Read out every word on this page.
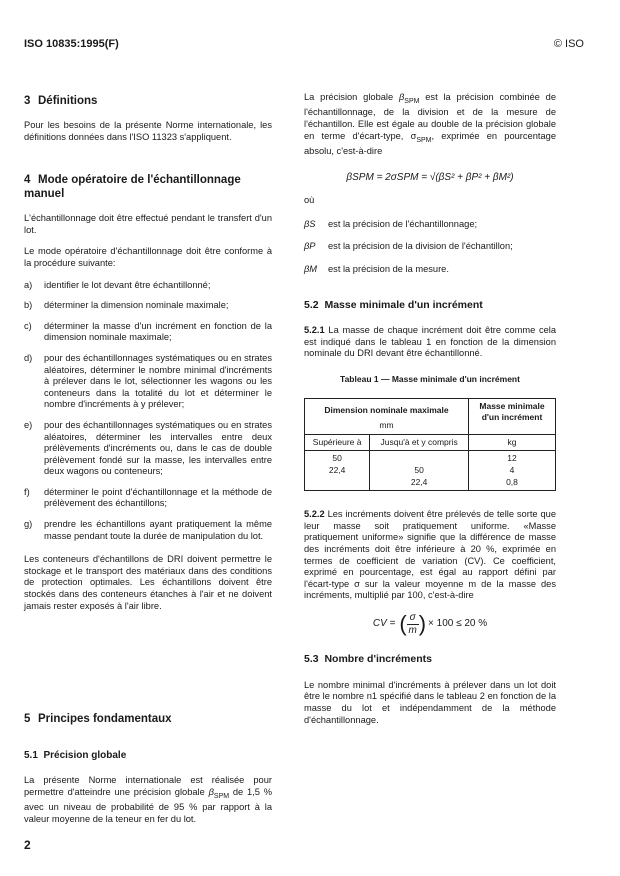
ISO 10835:1995(F)	© ISO
3 Définitions

Pour les besoins de la présente Norme internationale, les définitions données dans l'ISO 11323 s'appliquent.

4 Mode opératoire de l'échantillonnage manuel

L'échantillonnage doit être effectué pendant le transfert d'un lot.

Le mode opératoire d'échantillonnage doit être conforme à la procédure suivante:

a)	identifier le lot devant être échantillonné;
b)	déterminer la dimension nominale maximale;
c)	déterminer la masse d'un incrément en fonction de la dimension nominale maximale;
d)	pour des échantillonnages systématiques ou en strates aléatoires, déterminer le nombre minimal d'incréments à prélever dans le lot, sélectionner les wagons ou les conteneurs dans la totalité du lot et déterminer le nombre d'incréments à y prélever;
e)	pour des échantillonnages systématiques ou en strates aléatoires, déterminer les intervalles entre deux prélèvements d'incréments ou, dans le cas de double prélèvement fondé sur la masse, les intervalles entre deux wagons ou conteneurs;
f)	déterminer le point d'échantillonnage et la méthode de prélèvement des échantillons;
g)	prendre les échantillons ayant pratiquement la même masse pendant toute la durée de manipulation du lot.

Les conteneurs d'échantillons de DRI doivent permettre le stockage et le transport des matériaux dans des conditions de protection optimales. Les échantillons doivent être stockés dans des conteneurs étanches à l'air et ne doivent jamais rester exposés à l'air libre.

5 Principes fondamentaux
5.1 Précision globale

La présente Norme internationale est réalisée pour permettre d'atteindre une précision globale $\beta_{SPM}$ de 1,5 % avec un niveau de probabilité de 95 % par rapport à la valeur moyenne de la teneur en fer du lot.

La précision globale $\beta_{SPM}$ est la précision combinée de l'échantillonnage, de la division et de la mesure de l'échantillon. Elle est égale au double de la précision globale en terme d'écart-type, $\sigma_{SPM}$, exprimée en pourcentage absolu, c'est-à-dire

βSPM = 2σSPM = √(βS² + βP² + βM²)
où
βS	est la précision de l'échantillonnage;
βP	est la précision de la division de l'échantillon;
βM	est la précision de la mesure.
5.2 Masse minimale d'un incrément

5.2.1 La masse de chaque incrément doit être comme cela est indiqué dans le tableau 1 en fonction de la dimension nominale du DRI devant être échantillonné.

Tableau 1 — Masse minimale d'un incrément
Dimension nominale maximale		Masse minimale d'un incrément
mm		
Supérieure à	Jusqu'à et y compris	kg
50		12
22,4	50	4
	22,4	0,8

5.2.2 Les incréments doivent être prélevés de telle sorte que leur masse soit pratiquement uniforme. «Masse pratiquement uniforme» signifie que la différence de masse des incréments doit être inférieure à 20 %, exprimée en termes de coefficient de variation (CV). Ce coefficient, exprimé en pourcentage, est égal au rapport défini par l'écart-type σ sur la valeur moyenne m de la masse des incréments, multiplié par 100, c'est-à-dire

CV = ( σ
m ) × 100 ≤ 20 %
5.3 Nombre d'incréments

Le nombre minimal d'incréments à prélever dans un lot doit être le nombre n1 spécifié dans le tableau 2 en fonction de la masse du lot et indépendamment de la méthode d'échantillonnage.

2
